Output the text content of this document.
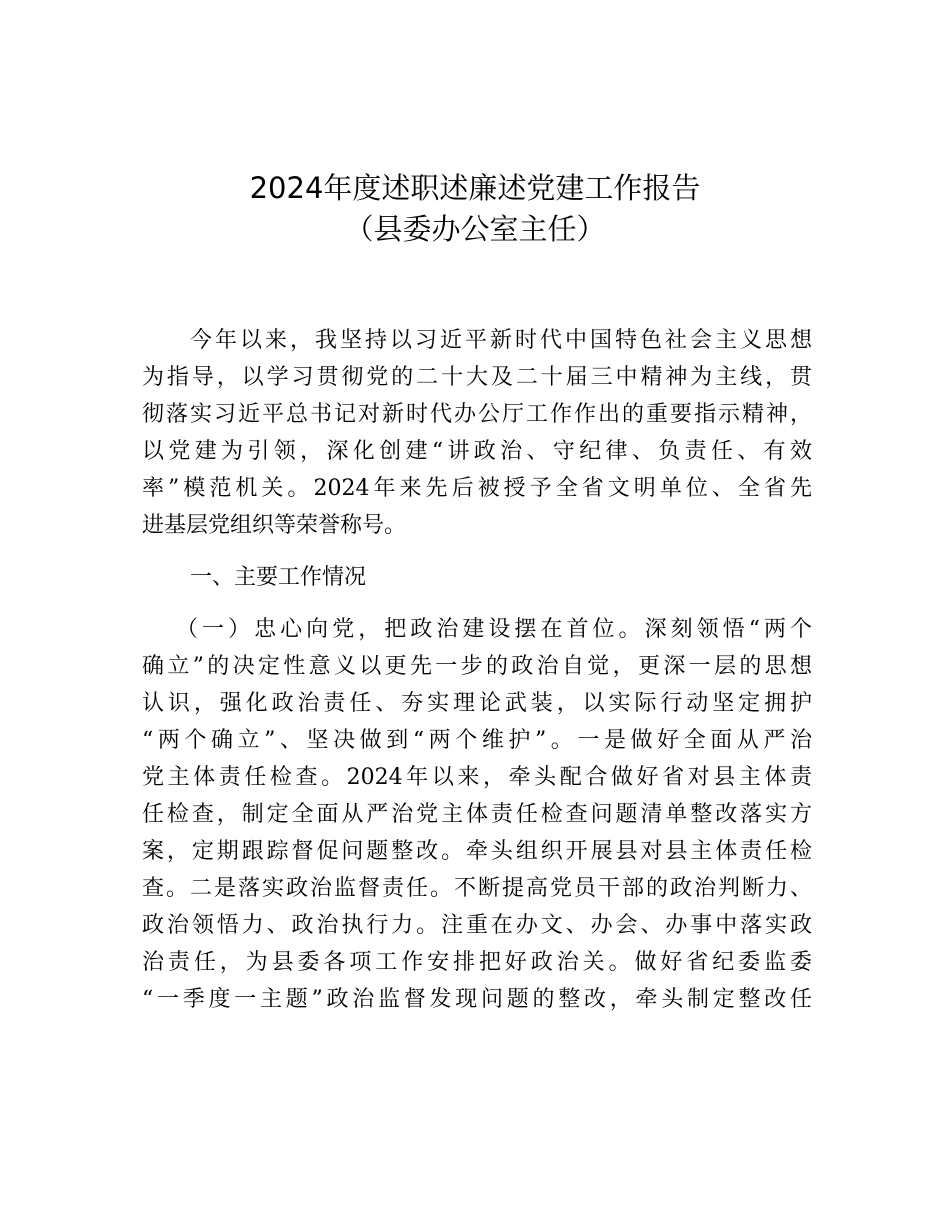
2024年度述职述廉述党建工作报告
（县委办公室主任）
今年以来，我坚持以习近平新时代中国特色社会主义思想
为指导，以学习贯彻党的二十大及二十届三中精神为主线，贯
彻落实习近平总书记对新时代办公厅工作作出的重要指示精神，
以党建为引领，深化创建“讲政治、守纪律、负责任、有效
率”模范机关。2024年来先后被授予全省文明单位、全省先
进基层党组织等荣誉称号。
一、主要工作情况
（一）忠心向党，把政治建设摆在首位。深刻领悟“两个
确立”的决定性意义以更先一步的政治自觉，更深一层的思想
认识，强化政治责任、夯实理论武装，以实际行动坚定拥护
“两个确立”、坚决做到“两个维护”。一是做好全面从严治
党主体责任检查。2024年以来，牵头配合做好省对县主体责
任检查，制定全面从严治党主体责任检查问题清单整改落实方
案，定期跟踪督促问题整改。牵头组织开展县对县主体责任检
查。二是落实政治监督责任。不断提高党员干部的政治判断力、
政治领悟力、政治执行力。注重在办文、办会、办事中落实政
治责任，为县委各项工作安排把好政治关。做好省纪委监委
“一季度一主题”政治监督发现问题的整改，牵头制定整改任
